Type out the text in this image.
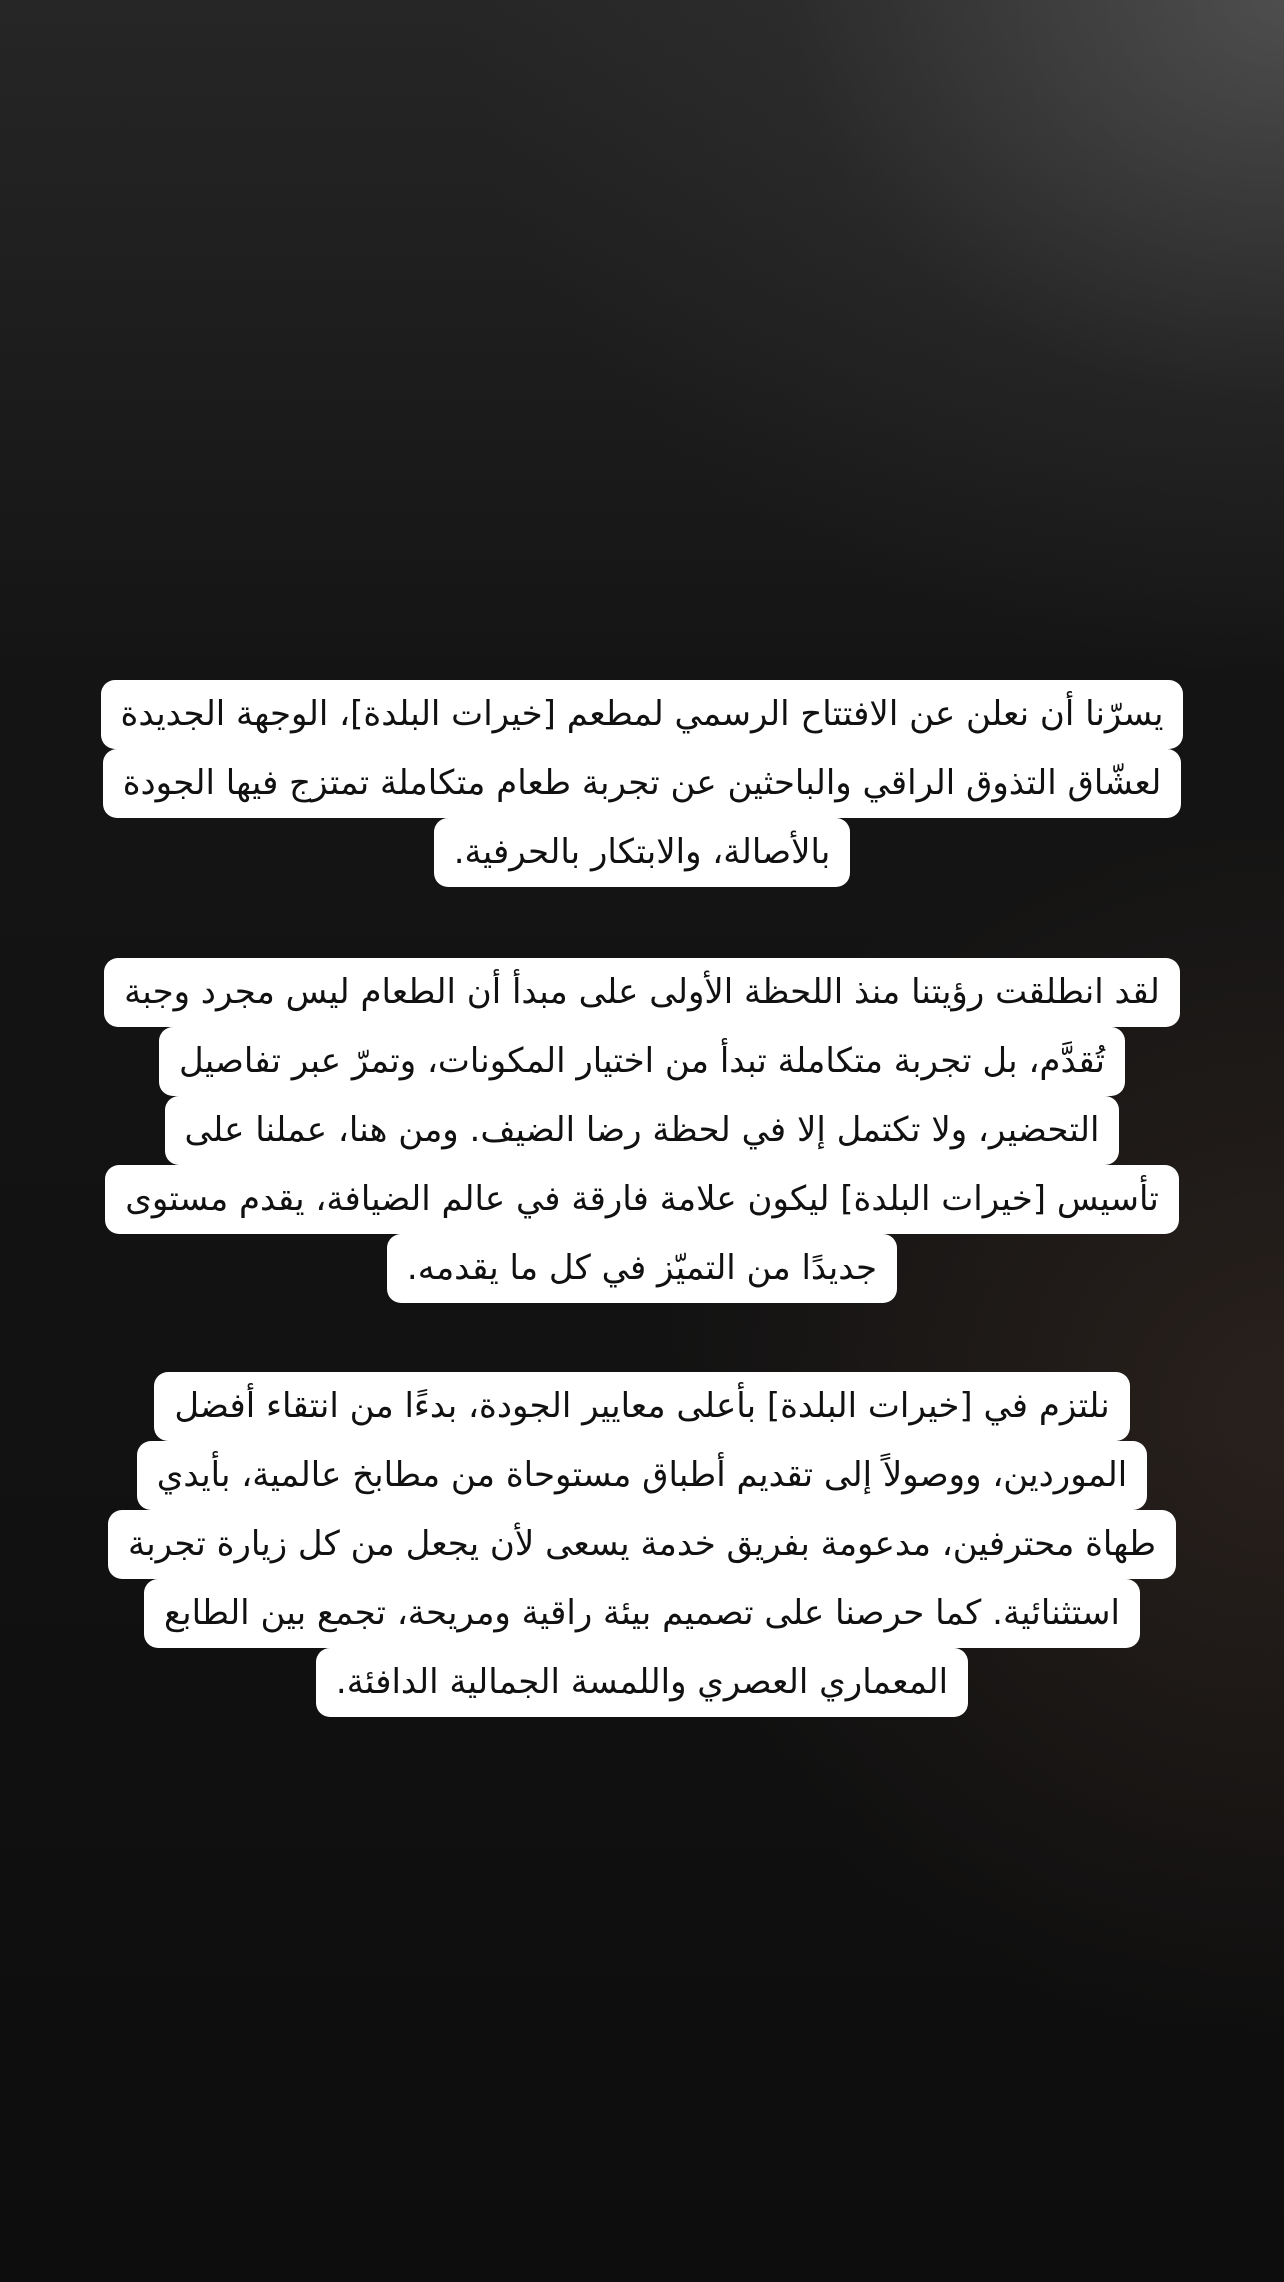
يسرّنا أن نعلن عن الافتتاح الرسمي لمطعم [خيرات البلدة]، الوجهة الجديدة
لعشّاق التذوق الراقي والباحثين عن تجربة طعام متكاملة تمتزج فيها الجودة
بالأصالة، والابتكار بالحرفية.
لقد انطلقت رؤيتنا منذ اللحظة الأولى على مبدأ أن الطعام ليس مجرد وجبة
تُقدَّم، بل تجربة متكاملة تبدأ من اختيار المكونات، وتمرّ عبر تفاصيل
التحضير، ولا تكتمل إلا في لحظة رضا الضيف. ومن هنا، عملنا على
تأسيس [خيرات البلدة] ليكون علامة فارقة في عالم الضيافة، يقدم مستوى
جديدًا من التميّز في كل ما يقدمه.
نلتزم في [خيرات البلدة] بأعلى معايير الجودة، بدءًا من انتقاء أفضل
الموردين، ووصولاً إلى تقديم أطباق مستوحاة من مطابخ عالمية، بأيدي
طهاة محترفين، مدعومة بفريق خدمة يسعى لأن يجعل من كل زيارة تجربة
استثنائية. كما حرصنا على تصميم بيئة راقية ومريحة، تجمع بين الطابع
المعماري العصري واللمسة الجمالية الدافئة.
